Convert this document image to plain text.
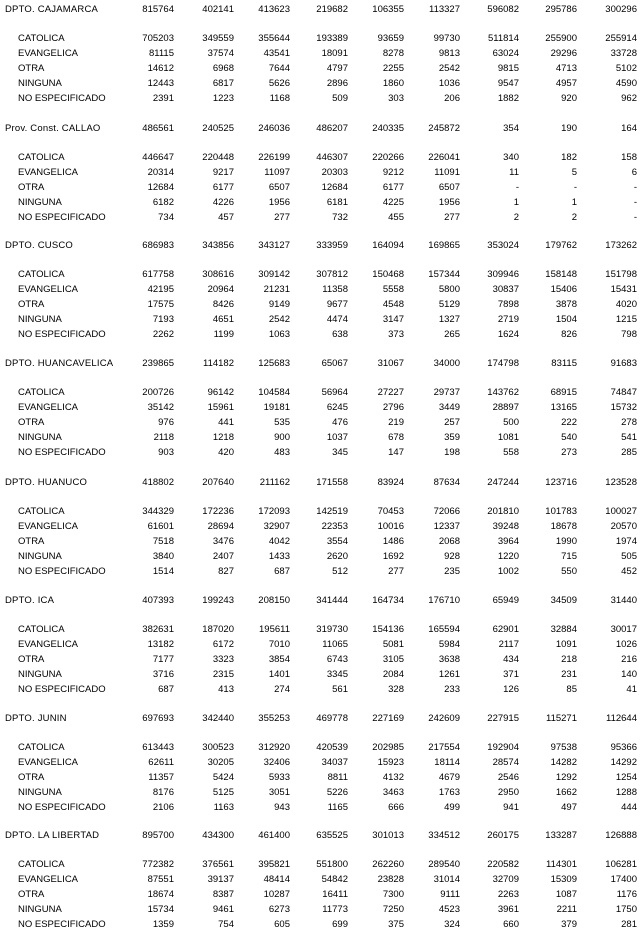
DPTO. CAJAMARCA	815764	402141	413623	219682	106355	113327	596082	295786	300296
CATOLICA	705203	349559	355644	193389	93659	99730	511814	255900	255914
EVANGELICA	81115	37574	43541	18091	8278	9813	63024	29296	33728
OTRA	14612	6968	7644	4797	2255	2542	9815	4713	5102
NINGUNA	12443	6817	5626	2896	1860	1036	9547	4957	4590
NO ESPECIFICADO	2391	1223	1168	509	303	206	1882	920	962
Prov. Const. CALLAO	486561	240525	246036	486207	240335	245872	354	190	164
CATOLICA	446647	220448	226199	446307	220266	226041	340	182	158
EVANGELICA	20314	9217	11097	20303	9212	11091	11	5	6
OTRA	12684	6177	6507	12684	6177	6507	-	-	-
NINGUNA	6182	4226	1956	6181	4225	1956	1	1	-
NO ESPECIFICADO	734	457	277	732	455	277	2	2	-
DPTO. CUSCO	686983	343856	343127	333959	164094	169865	353024	179762	173262
CATOLICA	617758	308616	309142	307812	150468	157344	309946	158148	151798
EVANGELICA	42195	20964	21231	11358	5558	5800	30837	15406	15431
OTRA	17575	8426	9149	9677	4548	5129	7898	3878	4020
NINGUNA	7193	4651	2542	4474	3147	1327	2719	1504	1215
NO ESPECIFICADO	2262	1199	1063	638	373	265	1624	826	798
DPTO. HUANCAVELICA	239865	114182	125683	65067	31067	34000	174798	83115	91683
CATOLICA	200726	96142	104584	56964	27227	29737	143762	68915	74847
EVANGELICA	35142	15961	19181	6245	2796	3449	28897	13165	15732
OTRA	976	441	535	476	219	257	500	222	278
NINGUNA	2118	1218	900	1037	678	359	1081	540	541
NO ESPECIFICADO	903	420	483	345	147	198	558	273	285
DPTO. HUANUCO	418802	207640	211162	171558	83924	87634	247244	123716	123528
CATOLICA	344329	172236	172093	142519	70453	72066	201810	101783	100027
EVANGELICA	61601	28694	32907	22353	10016	12337	39248	18678	20570
OTRA	7518	3476	4042	3554	1486	2068	3964	1990	1974
NINGUNA	3840	2407	1433	2620	1692	928	1220	715	505
NO ESPECIFICADO	1514	827	687	512	277	235	1002	550	452
DPTO. ICA	407393	199243	208150	341444	164734	176710	65949	34509	31440
CATOLICA	382631	187020	195611	319730	154136	165594	62901	32884	30017
EVANGELICA	13182	6172	7010	11065	5081	5984	2117	1091	1026
OTRA	7177	3323	3854	6743	3105	3638	434	218	216
NINGUNA	3716	2315	1401	3345	2084	1261	371	231	140
NO ESPECIFICADO	687	413	274	561	328	233	126	85	41
DPTO. JUNIN	697693	342440	355253	469778	227169	242609	227915	115271	112644
CATOLICA	613443	300523	312920	420539	202985	217554	192904	97538	95366
EVANGELICA	62611	30205	32406	34037	15923	18114	28574	14282	14292
OTRA	11357	5424	5933	8811	4132	4679	2546	1292	1254
NINGUNA	8176	5125	3051	5226	3463	1763	2950	1662	1288
NO ESPECIFICADO	2106	1163	943	1165	666	499	941	497	444
DPTO. LA LIBERTAD	895700	434300	461400	635525	301013	334512	260175	133287	126888
CATOLICA	772382	376561	395821	551800	262260	289540	220582	114301	106281
EVANGELICA	87551	39137	48414	54842	23828	31014	32709	15309	17400
OTRA	18674	8387	10287	16411	7300	9111	2263	1087	1176
NINGUNA	15734	9461	6273	11773	7250	4523	3961	2211	1750
NO ESPECIFICADO	1359	754	605	699	375	324	660	379	281
